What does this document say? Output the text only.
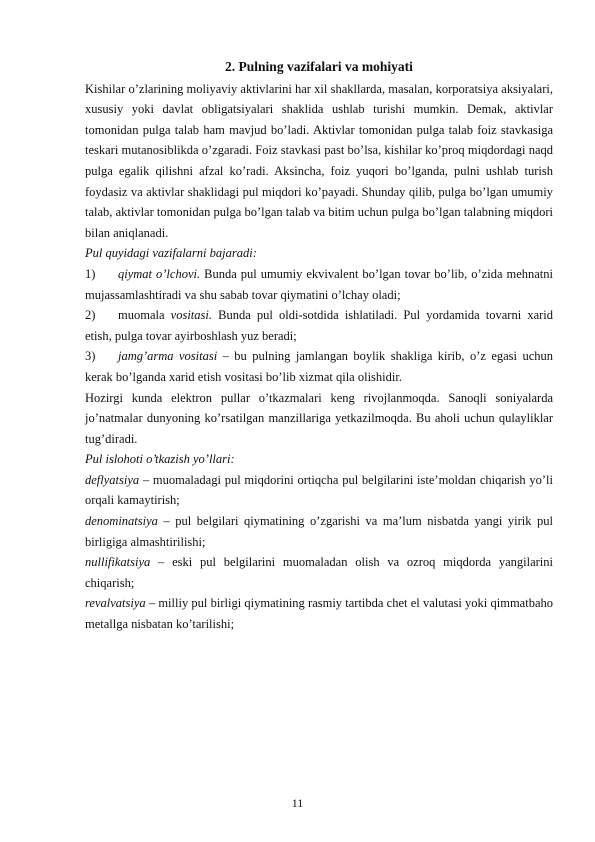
2. Pulning vazifalari va mohiyati

Kishilar o’zlarining moliyaviy aktivlarini har xil shakllarda, masalan, korporatsiya aksiyalari, xususiy yoki davlat obligatsiyalari shaklida ushlab turishi mumkin. Demak, aktivlar tomonidan pulga talab ham mavjud bo’ladi. Aktivlar tomonidan pulga talab foiz stavkasiga teskari mutanosiblikda o’zgaradi. Foiz stavkasi past bo’lsa, kishilar ko’proq miqdordagi naqd pulga egalik qilishni afzal ko’radi. Aksincha, foiz yuqori bo’lganda, pulni ushlab turish foydasiz va aktivlar shaklidagi pul miqdori ko’payadi. Shunday qilib, pulga bo’lgan umumiy talab, aktivlar tomonidan pulga bo’lgan talab va bitim uchun pulga bo’lgan talabning miqdori bilan aniqlanadi.

Pul quyidagi vazifalarni bajaradi:

1) qiymat o’lchovi. Bunda pul umumiy ekvivalent bo’lgan tovar bo’lib, o’zida mehnatni mujassamlashtiradi va shu sabab tovar qiymatini o’lchay oladi;

2) muomala vositasi. Bunda pul oldi-sotdida ishlatiladi. Pul yordamida tovarni xarid etish, pulga tovar ayirboshlash yuz beradi;

3) jamg’arma vositasi – bu pulning jamlangan boylik shakliga kirib, o’z egasi uchun kerak bo’lganda xarid etish vositasi bo’lib xizmat qila olishidir.

Hozirgi kunda elektron pullar o’tkazmalari keng rivojlanmoqda. Sanoqli soniyalarda jo’natmalar dunyoning ko’rsatilgan manzillariga yetkazilmoqda. Bu aholi uchun qulayliklar tug’diradi.

Pul islohoti o’tkazish yo’llari:

deflyatsiya – muomaladagi pul miqdorini ortiqcha pul belgilarini iste’moldan chiqarish yo’li orqali kamaytirish;

denominatsiya – pul belgilari qiymatining o’zgarishi va ma’lum nisbatda yangi yirik pul birligiga almashtirilishi;

nullifikatsiya – eski pul belgilarini muomaladan olish va ozroq miqdorda yangilarini chiqarish;

revalvatsiya – milliy pul birligi qiymatining rasmiy tartibda chet el valutasi yoki qimmatbaho metallga nisbatan ko’tarilishi;

11
